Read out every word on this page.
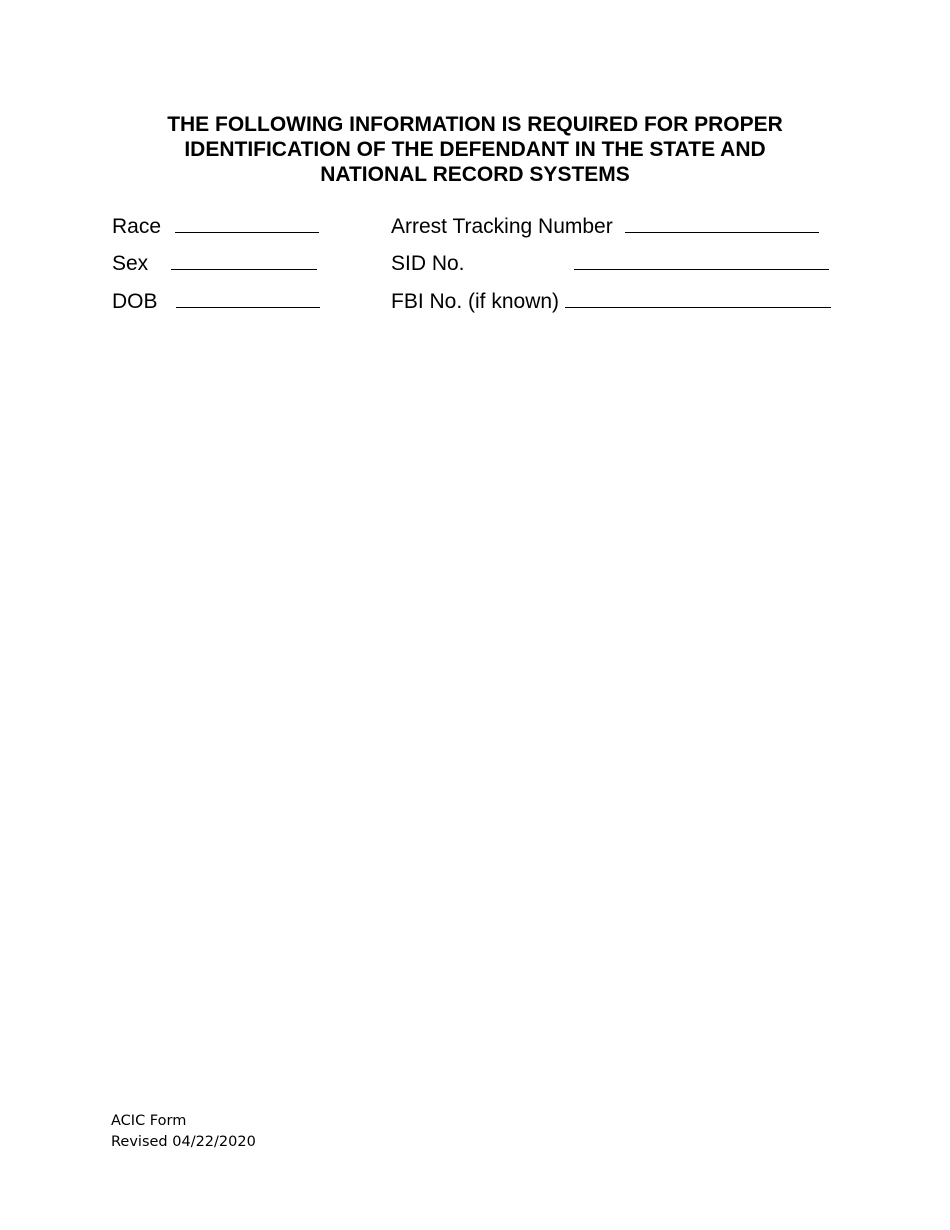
THE FOLLOWING INFORMATION IS REQUIRED FOR PROPER
IDENTIFICATION OF THE DEFENDANT IN THE STATE AND
NATIONAL RECORD SYSTEMS
Race
Sex
DOB
Arrest Tracking Number
SID No.
FBI No. (if known)
ACIC Form
Revised 04/22/2020
